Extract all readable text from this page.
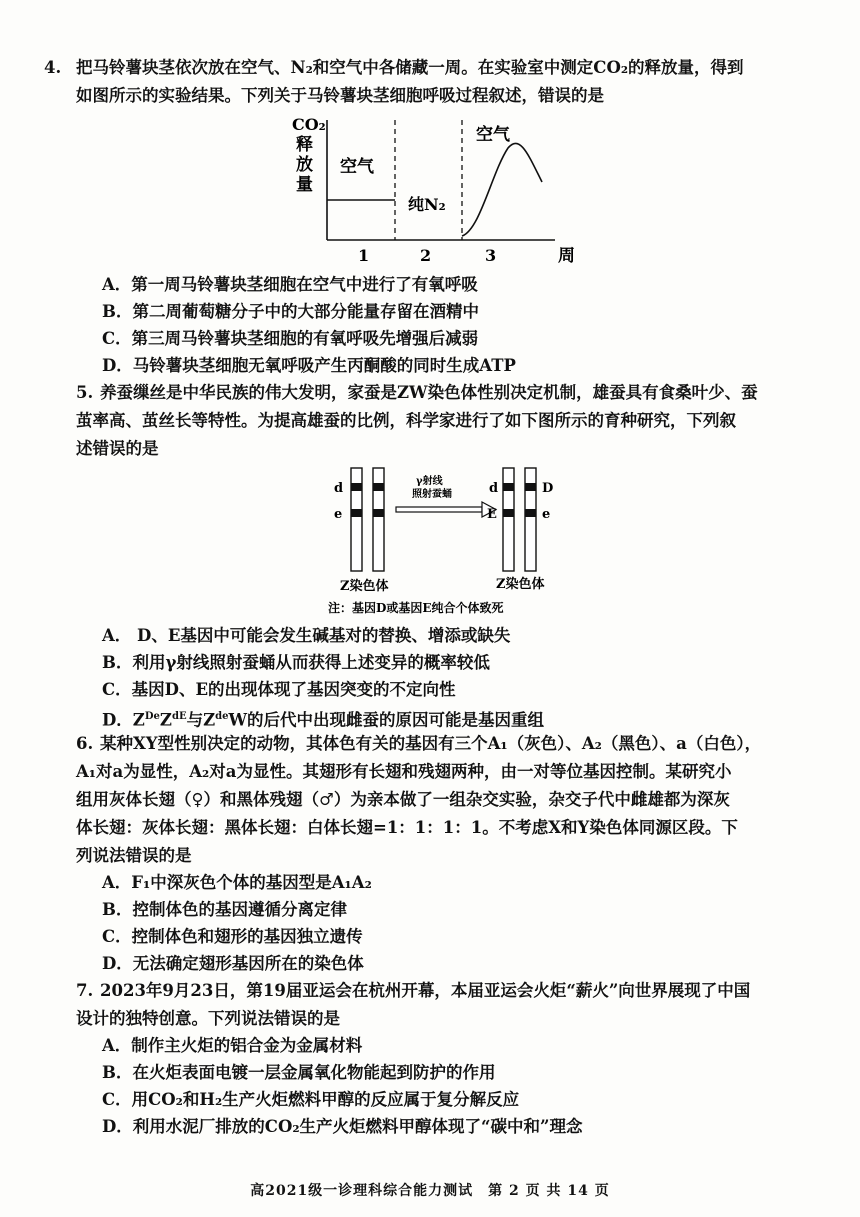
4. 把马铃薯块茎依次放在空气、N₂和空气中各储藏一周。在实验室中测定CO₂的释放量，得到
如图所示的实验结果。下列关于马铃薯块茎细胞呼吸过程叙述，错误的是
CO₂
释
放
量
空气
纯N₂
空气
1	2	3	周
A．第一周马铃薯块茎细胞在空气中进行了有氧呼吸
B．第二周葡萄糖分子中的大部分能量存留在酒精中
C．第三周马铃薯块茎细胞的有氧呼吸先增强后减弱
D．马铃薯块茎细胞无氧呼吸产生丙酮酸的同时生成ATP
5. 养蚕缫丝是中华民族的伟大发明，家蚕是ZW染色体性别决定机制，雄蚕具有食桑叶少、蚕
茧率高、茧丝长等特性。为提高雄蚕的比例，科学家进行了如下图所示的育种研究，下列叙
述错误的是
d
e
γ射线
照射蚕蛹	d
E
D
e
Z染色体	Z染色体
注：基因D或基因E纯合个体致死
A． D、E基因中可能会发生碱基对的替换、增添或缺失
B．利用γ射线照射蚕蛹从而获得上述变异的概率较低
C．基因D、E的出现体现了基因突变的不定向性
D．$Z^{De}Z^{dE}$与$Z^{de}W$的后代中出现雌蚕的原因可能是基因重组
6. 某种XY型性别决定的动物，其体色有关的基因有三个A₁（灰色）、A₂（黑色）、a（白色），
A₁对a为显性，A₂对a为显性。其翅形有长翅和残翅两种，由一对等位基因控制。某研究小
组用灰体长翅（♀）和黑体残翅（♂）为亲本做了一组杂交实验，杂交子代中雌雄都为深灰
体长翅：灰体长翅：黑体长翅：白体长翅=1：1：1：1。不考虑X和Y染色体同源区段。下
列说法错误的是
A．F₁中深灰色个体的基因型是A₁A₂
B．控制体色的基因遵循分离定律
C．控制体色和翅形的基因独立遗传
D．无法确定翅形基因所在的染色体
7. 2023年9月23日，第19届亚运会在杭州开幕，本届亚运会火炬“薪火”向世界展现了中国
设计的独特创意。下列说法错误的是
A．制作主火炬的铝合金为金属材料
B．在火炬表面电镀一层金属氧化物能起到防护的作用
C．用CO₂和H₂生产火炬燃料甲醇的反应属于复分解反应
D．利用水泥厂排放的CO₂生产火炬燃料甲醇体现了“碳中和”理念
高2021级一诊理科综合能力测试　第 2 页 共 14 页
